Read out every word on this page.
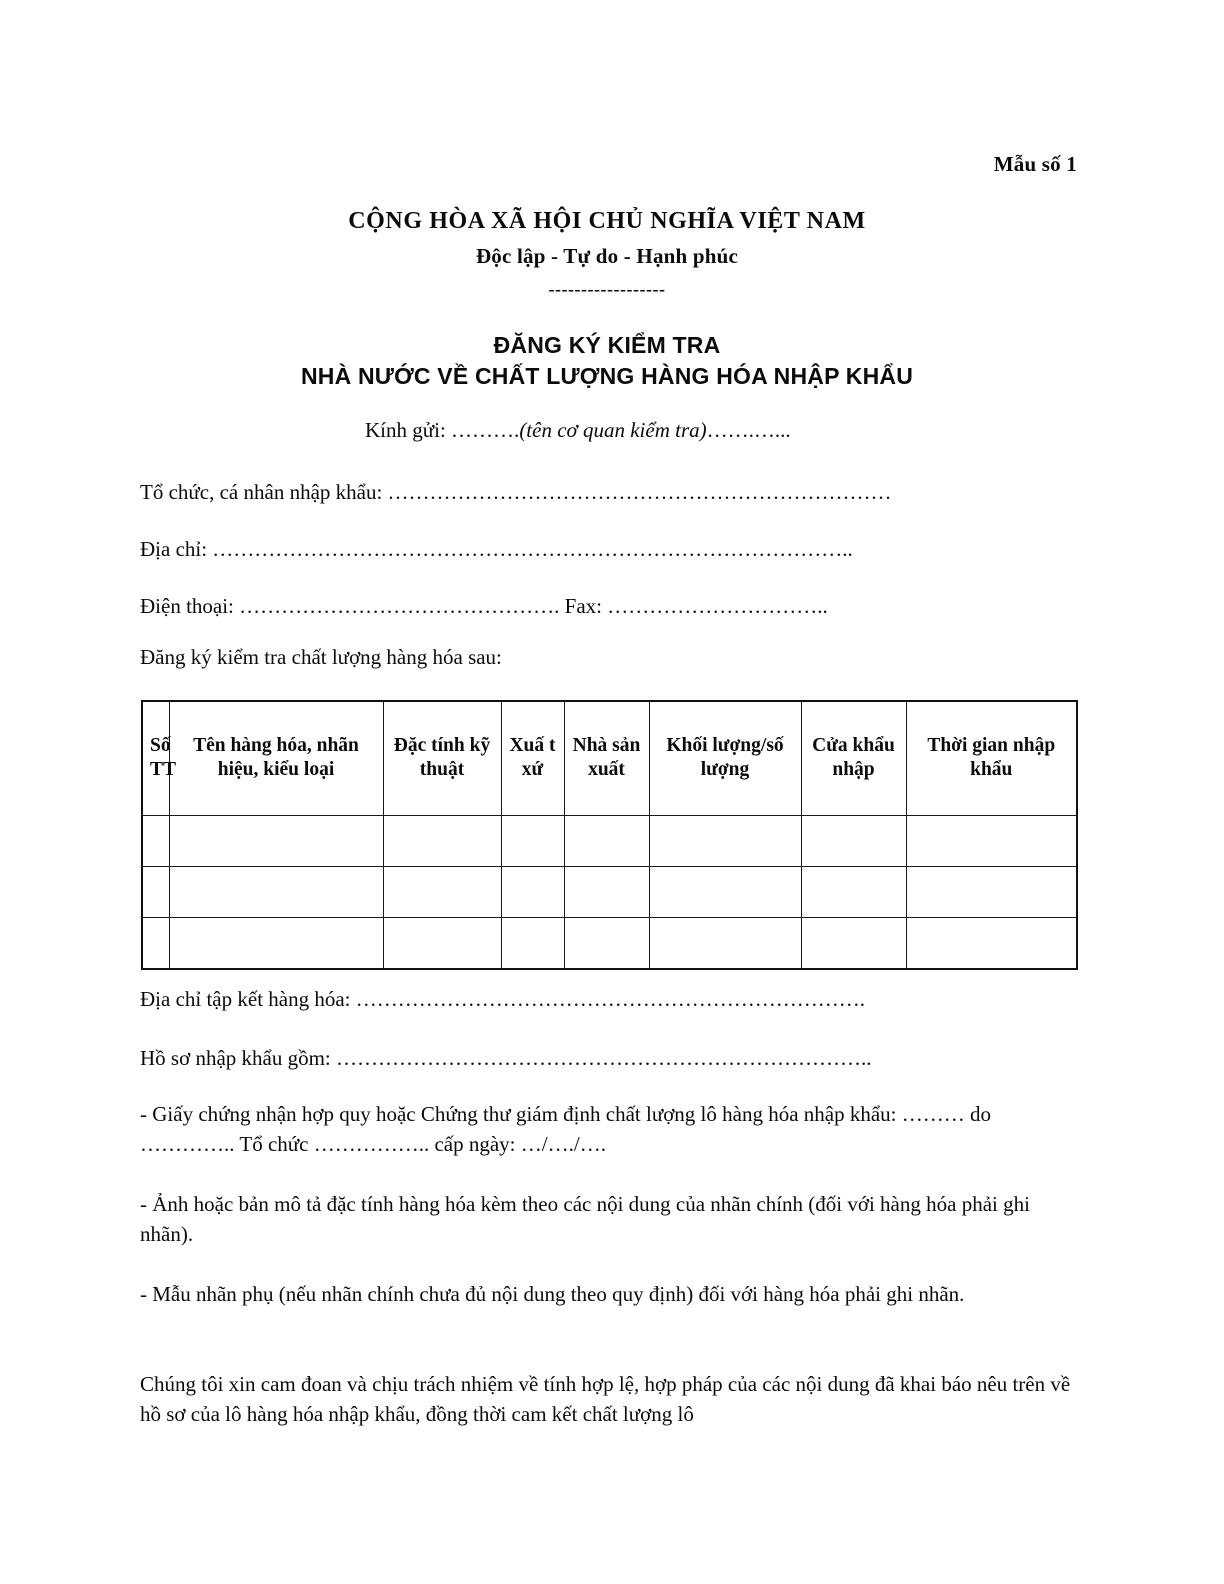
Mẫu số 1
CỘNG HÒA XÃ HỘI CHỦ NGHĨA VIỆT NAM
Độc lập - Tự do - Hạnh phúc
------------------
ĐĂNG KÝ KIỂM TRA
NHÀ NƯỚC VỀ CHẤT LƯỢNG HÀNG HÓA NHẬP KHẨU
Kính gửi: ……….(tên cơ quan kiểm tra)…….…...
Tổ chức, cá nhân nhập khẩu: ………………………………………………………………
Địa chỉ: ………………………………………………………………………………..
Điện thoại: ………………………………………. Fax: …………………………..
Đăng ký kiểm tra chất lượng hàng hóa sau:
Số TT	Tên hàng hóa, nhãn hiệu, kiểu loại	Đặc tính kỹ thuật	Xuấ t xứ	Nhà sản xuất	Khối lượng/số lượng	Cửa khẩu nhập	Thời gian nhập khẩu

Địa chỉ tập kết hàng hóa: ……………………………………………………………….
Hồ sơ nhập khẩu gồm: …………………………………………………………………..
- Giấy chứng nhận hợp quy hoặc Chứng thư giám định chất lượng lô hàng hóa nhập khẩu: ……… do ………….. Tổ chức …………….. cấp ngày: …/…./….
- Ảnh hoặc bản mô tả đặc tính hàng hóa kèm theo các nội dung của nhãn chính (đối với hàng hóa phải ghi nhãn).
- Mẫu nhãn phụ (nếu nhãn chính chưa đủ nội dung theo quy định) đối với hàng hóa phải ghi nhãn.
Chúng tôi xin cam đoan và chịu trách nhiệm về tính hợp lệ, hợp pháp của các nội dung đã khai báo nêu trên về hồ sơ của lô hàng hóa nhập khẩu, đồng thời cam kết chất lượng lô
